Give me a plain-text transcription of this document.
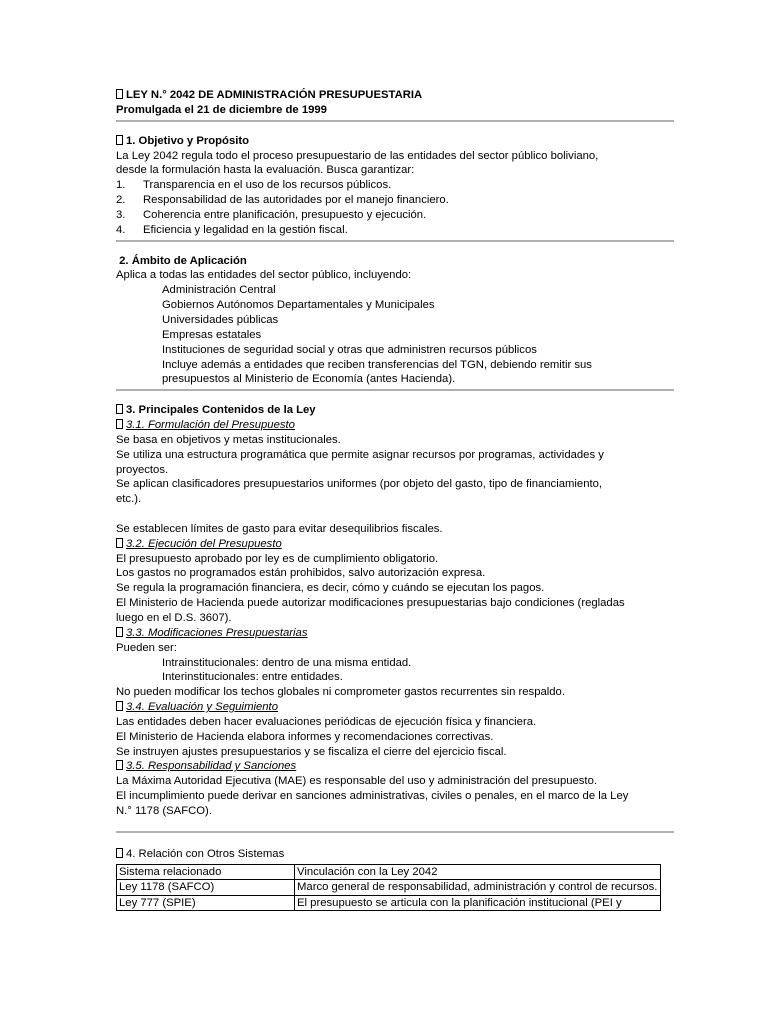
LEY N.° 2042 DE ADMINISTRACIÓN PRESUPUESTARIA
Promulgada el 21 de diciembre de 1999
1. Objetivo y Propósito
La Ley 2042 regula todo el proceso presupuestario de las entidades del sector público boliviano,
desde la formulación hasta la evaluación. Busca garantizar:
1. Transparencia en el uso de los recursos públicos.
2. Responsabilidad de las autoridades por el manejo financiero.
3. Coherencia entre planificación, presupuesto y ejecución.
4. Eficiencia y legalidad en la gestión fiscal.
2. Ámbito de Aplicación
Aplica a todas las entidades del sector público, incluyendo:
Administración Central
Gobiernos Autónomos Departamentales y Municipales
Universidades públicas
Empresas estatales
Instituciones de seguridad social y otras que administren recursos públicos
Incluye además a entidades que reciben transferencias del TGN, debiendo remitir sus
presupuestos al Ministerio de Economía (antes Hacienda).
3. Principales Contenidos de la Ley
3.1. Formulación del Presupuesto
Se basa en objetivos y metas institucionales.
Se utiliza una estructura programática que permite asignar recursos por programas, actividades y
proyectos.
Se aplican clasificadores presupuestarios uniformes (por objeto del gasto, tipo de financiamiento,
etc.).
Se establecen límites de gasto para evitar desequilibrios fiscales.
3.2. Ejecución del Presupuesto
El presupuesto aprobado por ley es de cumplimiento obligatorio.
Los gastos no programados están prohibidos, salvo autorización expresa.
Se regula la programación financiera, es decir, cómo y cuándo se ejecutan los pagos.
El Ministerio de Hacienda puede autorizar modificaciones presupuestarias bajo condiciones (regladas
luego en el D.S. 3607).
3.3. Modificaciones Presupuestarias
Pueden ser:
Intrainstitucionales: dentro de una misma entidad.
Interinstitucionales: entre entidades.
No pueden modificar los techos globales ni comprometer gastos recurrentes sin respaldo.
3.4. Evaluación y Seguimiento
Las entidades deben hacer evaluaciones periódicas de ejecución física y financiera.
El Ministerio de Hacienda elabora informes y recomendaciones correctivas.
Se instruyen ajustes presupuestarios y se fiscaliza el cierre del ejercicio fiscal.
3.5. Responsabilidad y Sanciones
La Máxima Autoridad Ejecutiva (MAE) es responsable del uso y administración del presupuesto.
El incumplimiento puede derivar en sanciones administrativas, civiles o penales, en el marco de la Ley
N.° 1178 (SAFCO).
4. Relación con Otros Sistemas
Sistema relacionado	Vinculación con la Ley 2042
Ley 1178 (SAFCO)	Marco general de responsabilidad, administración y control de recursos.
Ley 777 (SPIE)	El presupuesto se articula con la planificación institucional (PEI y
